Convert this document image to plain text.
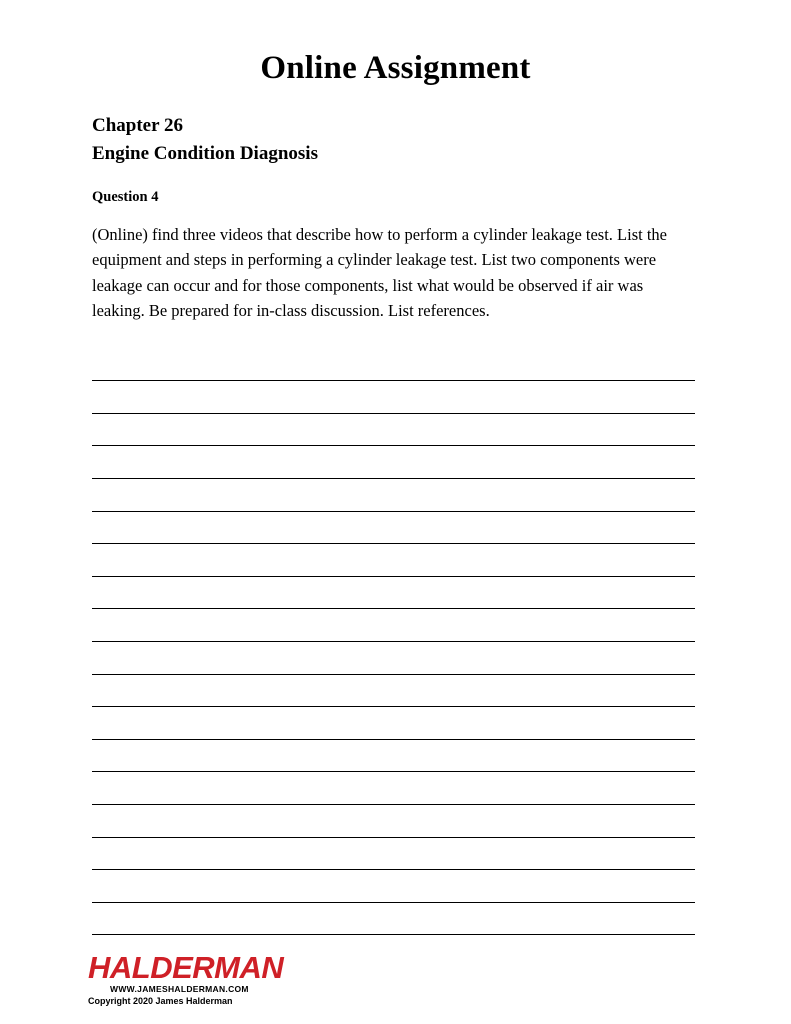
Online Assignment
Chapter 26
Engine Condition Diagnosis
Question 4
(Online) find three videos that describe how to perform a cylinder leakage test. List the equipment and steps in performing a cylinder leakage test. List two components were leakage can occur and for those components, list what would be observed if air was leaking. Be prepared for in-class discussion. List references.
HALDERMAN
WWW.JAMESHALDERMAN.COM
Copyright 2020 James Halderman
